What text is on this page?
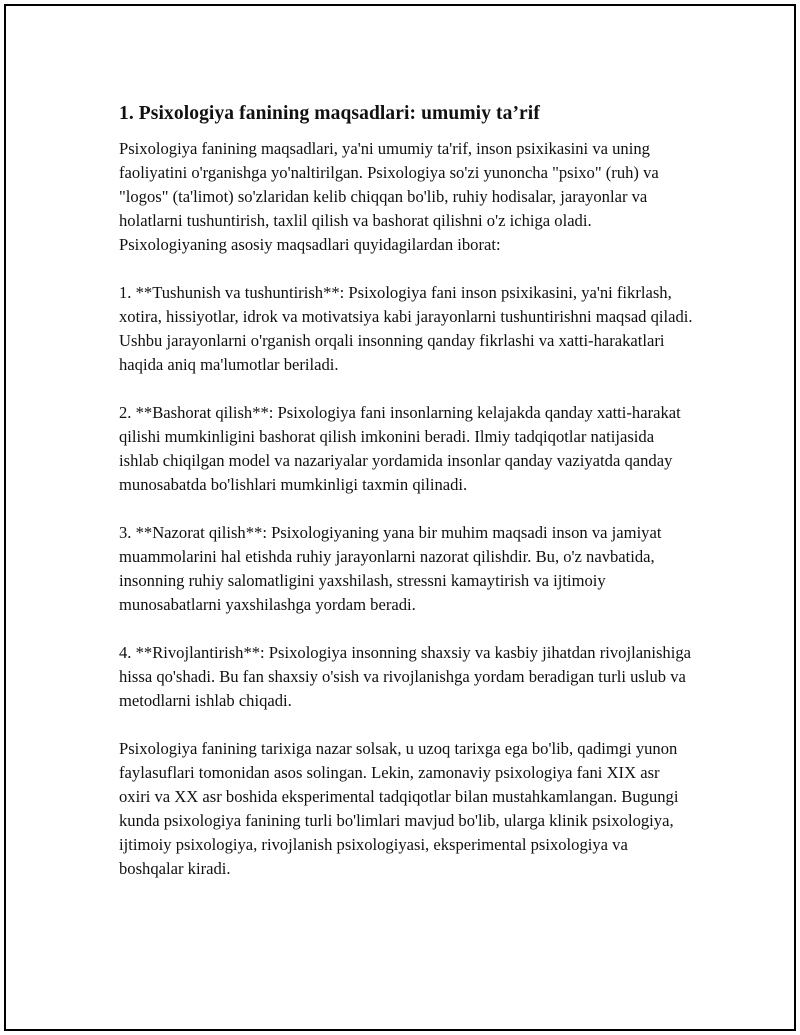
1. Psixologiya fanining maqsadlari: umumiy ta’rif

Psixologiya fanining maqsadlari, ya'ni umumiy ta'rif, inson psixikasini va uning faoliyatini o'rganishga yo'naltirilgan. Psixologiya so'zi yunoncha "psixo" (ruh) va "logos" (ta'limot) so'zlaridan kelib chiqqan bo'lib, ruhiy hodisalar, jarayonlar va holatlarni tushuntirish, taxlil qilish va bashorat qilishni o'z ichiga oladi. Psixologiyaning asosiy maqsadlari quyidagilardan iborat:

1. **Tushunish va tushuntirish**: Psixologiya fani inson psixikasini, ya'ni fikrlash, xotira, hissiyotlar, idrok va motivatsiya kabi jarayonlarni tushuntirishni maqsad qiladi. Ushbu jarayonlarni o'rganish orqali insonning qanday fikrlashi va xatti-harakatlari haqida aniq ma'lumotlar beriladi.

2. **Bashorat qilish**: Psixologiya fani insonlarning kelajakda qanday xatti-harakat qilishi mumkinligini bashorat qilish imkonini beradi. Ilmiy tadqiqotlar natijasida ishlab chiqilgan model va nazariyalar yordamida insonlar qanday vaziyatda qanday munosabatda bo'lishlari mumkinligi taxmin qilinadi.

3. **Nazorat qilish**: Psixologiyaning yana bir muhim maqsadi inson va jamiyat muammolarini hal etishda ruhiy jarayonlarni nazorat qilishdir. Bu, o'z navbatida, insonning ruhiy salomatligini yaxshilash, stressni kamaytirish va ijtimoiy munosabatlarni yaxshilashga yordam beradi.

4. **Rivojlantirish**: Psixologiya insonning shaxsiy va kasbiy jihatdan rivojlanishiga hissa qo'shadi. Bu fan shaxsiy o'sish va rivojlanishga yordam beradigan turli uslub va metodlarni ishlab chiqadi.

Psixologiya fanining tarixiga nazar solsak, u uzoq tarixga ega bo'lib, qadimgi yunon faylasuflari tomonidan asos solingan. Lekin, zamonaviy psixologiya fani XIX asr oxiri va XX asr boshida eksperimental tadqiqotlar bilan mustahkamlangan. Bugungi kunda psixologiya fanining turli bo'limlari mavjud bo'lib, ularga klinik psixologiya, ijtimoiy psixologiya, rivojlanish psixologiyasi, eksperimental psixologiya va boshqalar kiradi.
